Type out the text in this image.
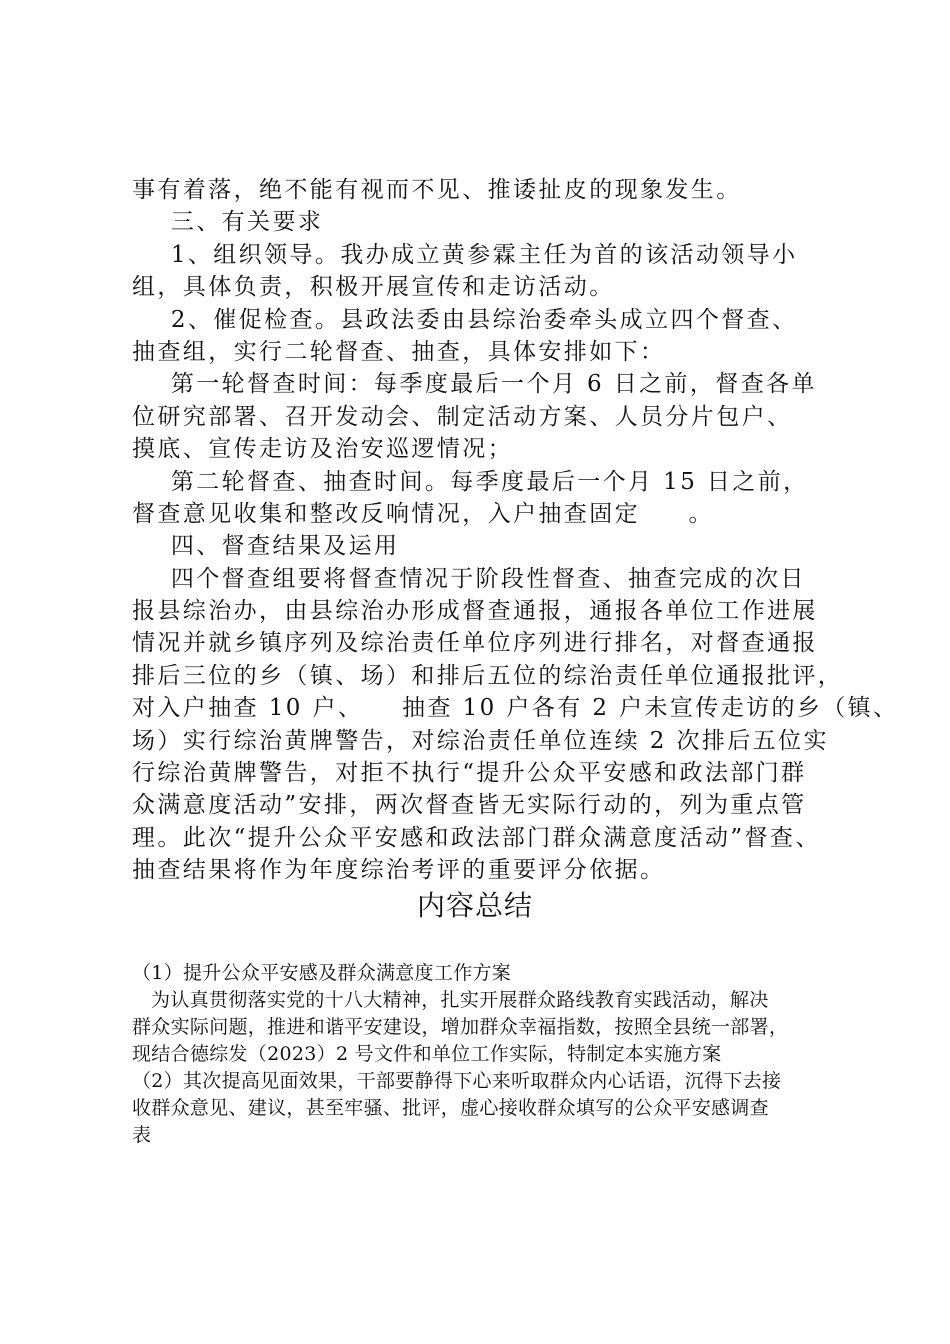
事有着落，绝不能有视而不见、推诿扯皮的现象发生。
三、有关要求
1、组织领导。我办成立黄参霖主任为首的该活动领导小
组，具体负责，积极开展宣传和走访活动。
2、催促检查。县政法委由县综治委牵头成立四个督查、
抽查组，实行二轮督查、抽查，具体安排如下：
第一轮督查时间：每季度最后一个月 6 日之前，督查各单
位研究部署、召开发动会、制定活动方案、人员分片包户、
摸底、宣传走访及治安巡逻情况；
第二轮督查、抽查时间。每季度最后一个月 15 日之前，
督查意见收集和整改反响情况，入户抽查固定     。
四、督查结果及运用
四个督查组要将督查情况于阶段性督查、抽查完成的次日
报县综治办，由县综治办形成督查通报，通报各单位工作进展
情况并就乡镇序列及综治责任单位序列进行排名，对督查通报
排后三位的乡（镇、场）和排后五位的综治责任单位通报批评，
对入户抽查 10 户、    抽查 10 户各有 2 户未宣传走访的乡（镇、
场）实行综治黄牌警告，对综治责任单位连续 2 次排后五位实
行综治黄牌警告，对拒不执行“提升公众平安感和政法部门群
众满意度活动”安排，两次督查皆无实际行动的，列为重点管
理。此次“提升公众平安感和政法部门群众满意度活动”督查、
抽查结果将作为年度综治考评的重要评分依据。
内容总结
（1）提升公众平安感及群众满意度工作方案
为认真贯彻落实党的十八大精神，扎实开展群众路线教育实践活动，解决
群众实际问题，推进和谐平安建设，增加群众幸福指数，按照全县统一部署，
现结合德综发（2023）2 号文件和单位工作实际，特制定本实施方案
（2）其次提高见面效果，干部要静得下心来听取群众内心话语，沉得下去接
收群众意见、建议，甚至牢骚、批评，虚心接收群众填写的公众平安感调查
表
